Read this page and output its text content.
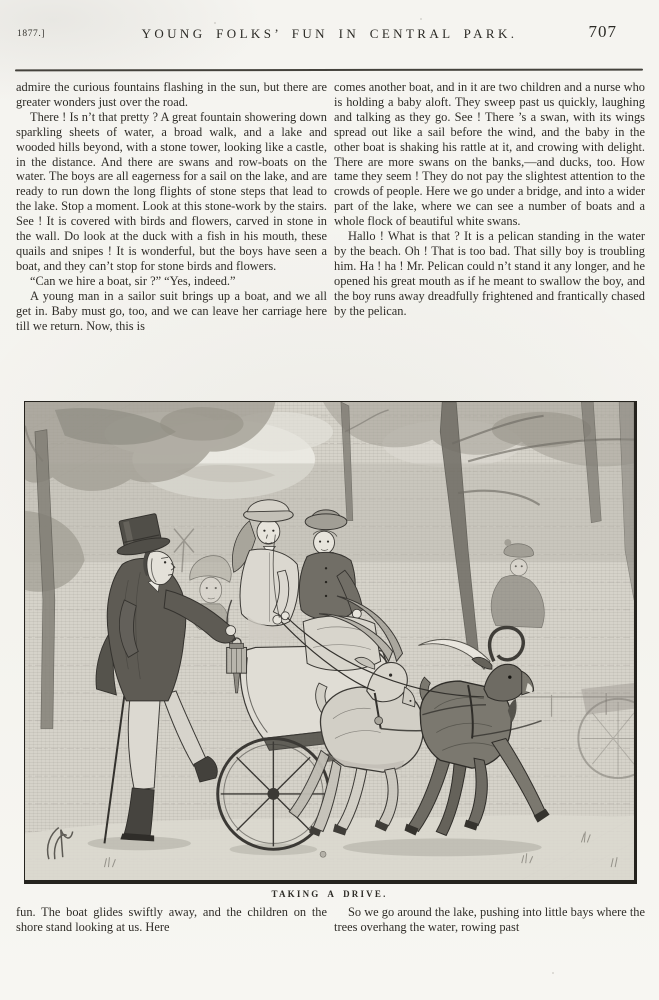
1877.]	YOUNG FOLKS’ FUN IN CENTRAL PARK.	707

admire the curious fountains flashing in the sun, but there are greater wonders just over the road.

There ! Is n’t that pretty ? A great fountain showering down sparkling sheets of water, a broad walk, and a lake and wooded hills beyond, with a stone tower, looking like a castle, in the distance. And there are swans and row-boats on the water. The boys are all eagerness for a sail on the lake, and are ready to run down the long flights of stone steps that lead to the lake. Stop a moment. Look at this stone-work by the stairs. See ! It is covered with birds and flowers, carved in stone in the wall. Do look at the duck with a fish in his mouth, these quails and snipes ! It is wonderful, but the boys have seen a boat, and they can’t stop for stone birds and flowers.

“Can we hire a boat, sir ?” “Yes, indeed.”

A young man in a sailor suit brings up a boat, and we all get in. Baby must go, too, and we can leave her carriage here till we return. Now, this is

comes another boat, and in it are two children and a nurse who is holding a baby aloft. They sweep past us quickly, laughing and talking as they go. See ! There ’s a swan, with its wings spread out like a sail before the wind, and the baby in the other boat is shaking his rattle at it, and crowing with delight. There are more swans on the banks,—and ducks, too. How tame they seem ! They do not pay the slightest attention to the crowds of people. Here we go under a bridge, and into a wider part of the lake, where we can see a number of boats and a whole flock of beautiful white swans.

Hallo ! What is that ? It is a pelican standing in the water by the beach. Oh ! That is too bad. That silly boy is troubling him. Ha ! ha ! Mr. Pelican could n’t stand it any longer, and he opened his great mouth as if he meant to swallow the boy, and the boy runs away dreadfully frightened and frantically chased by the pelican.

TAKING A DRIVE.

fun. The boat glides swiftly away, and the children on the shore stand looking at us. Here

So we go around the lake, pushing into little bays where the trees overhang the water, rowing past
